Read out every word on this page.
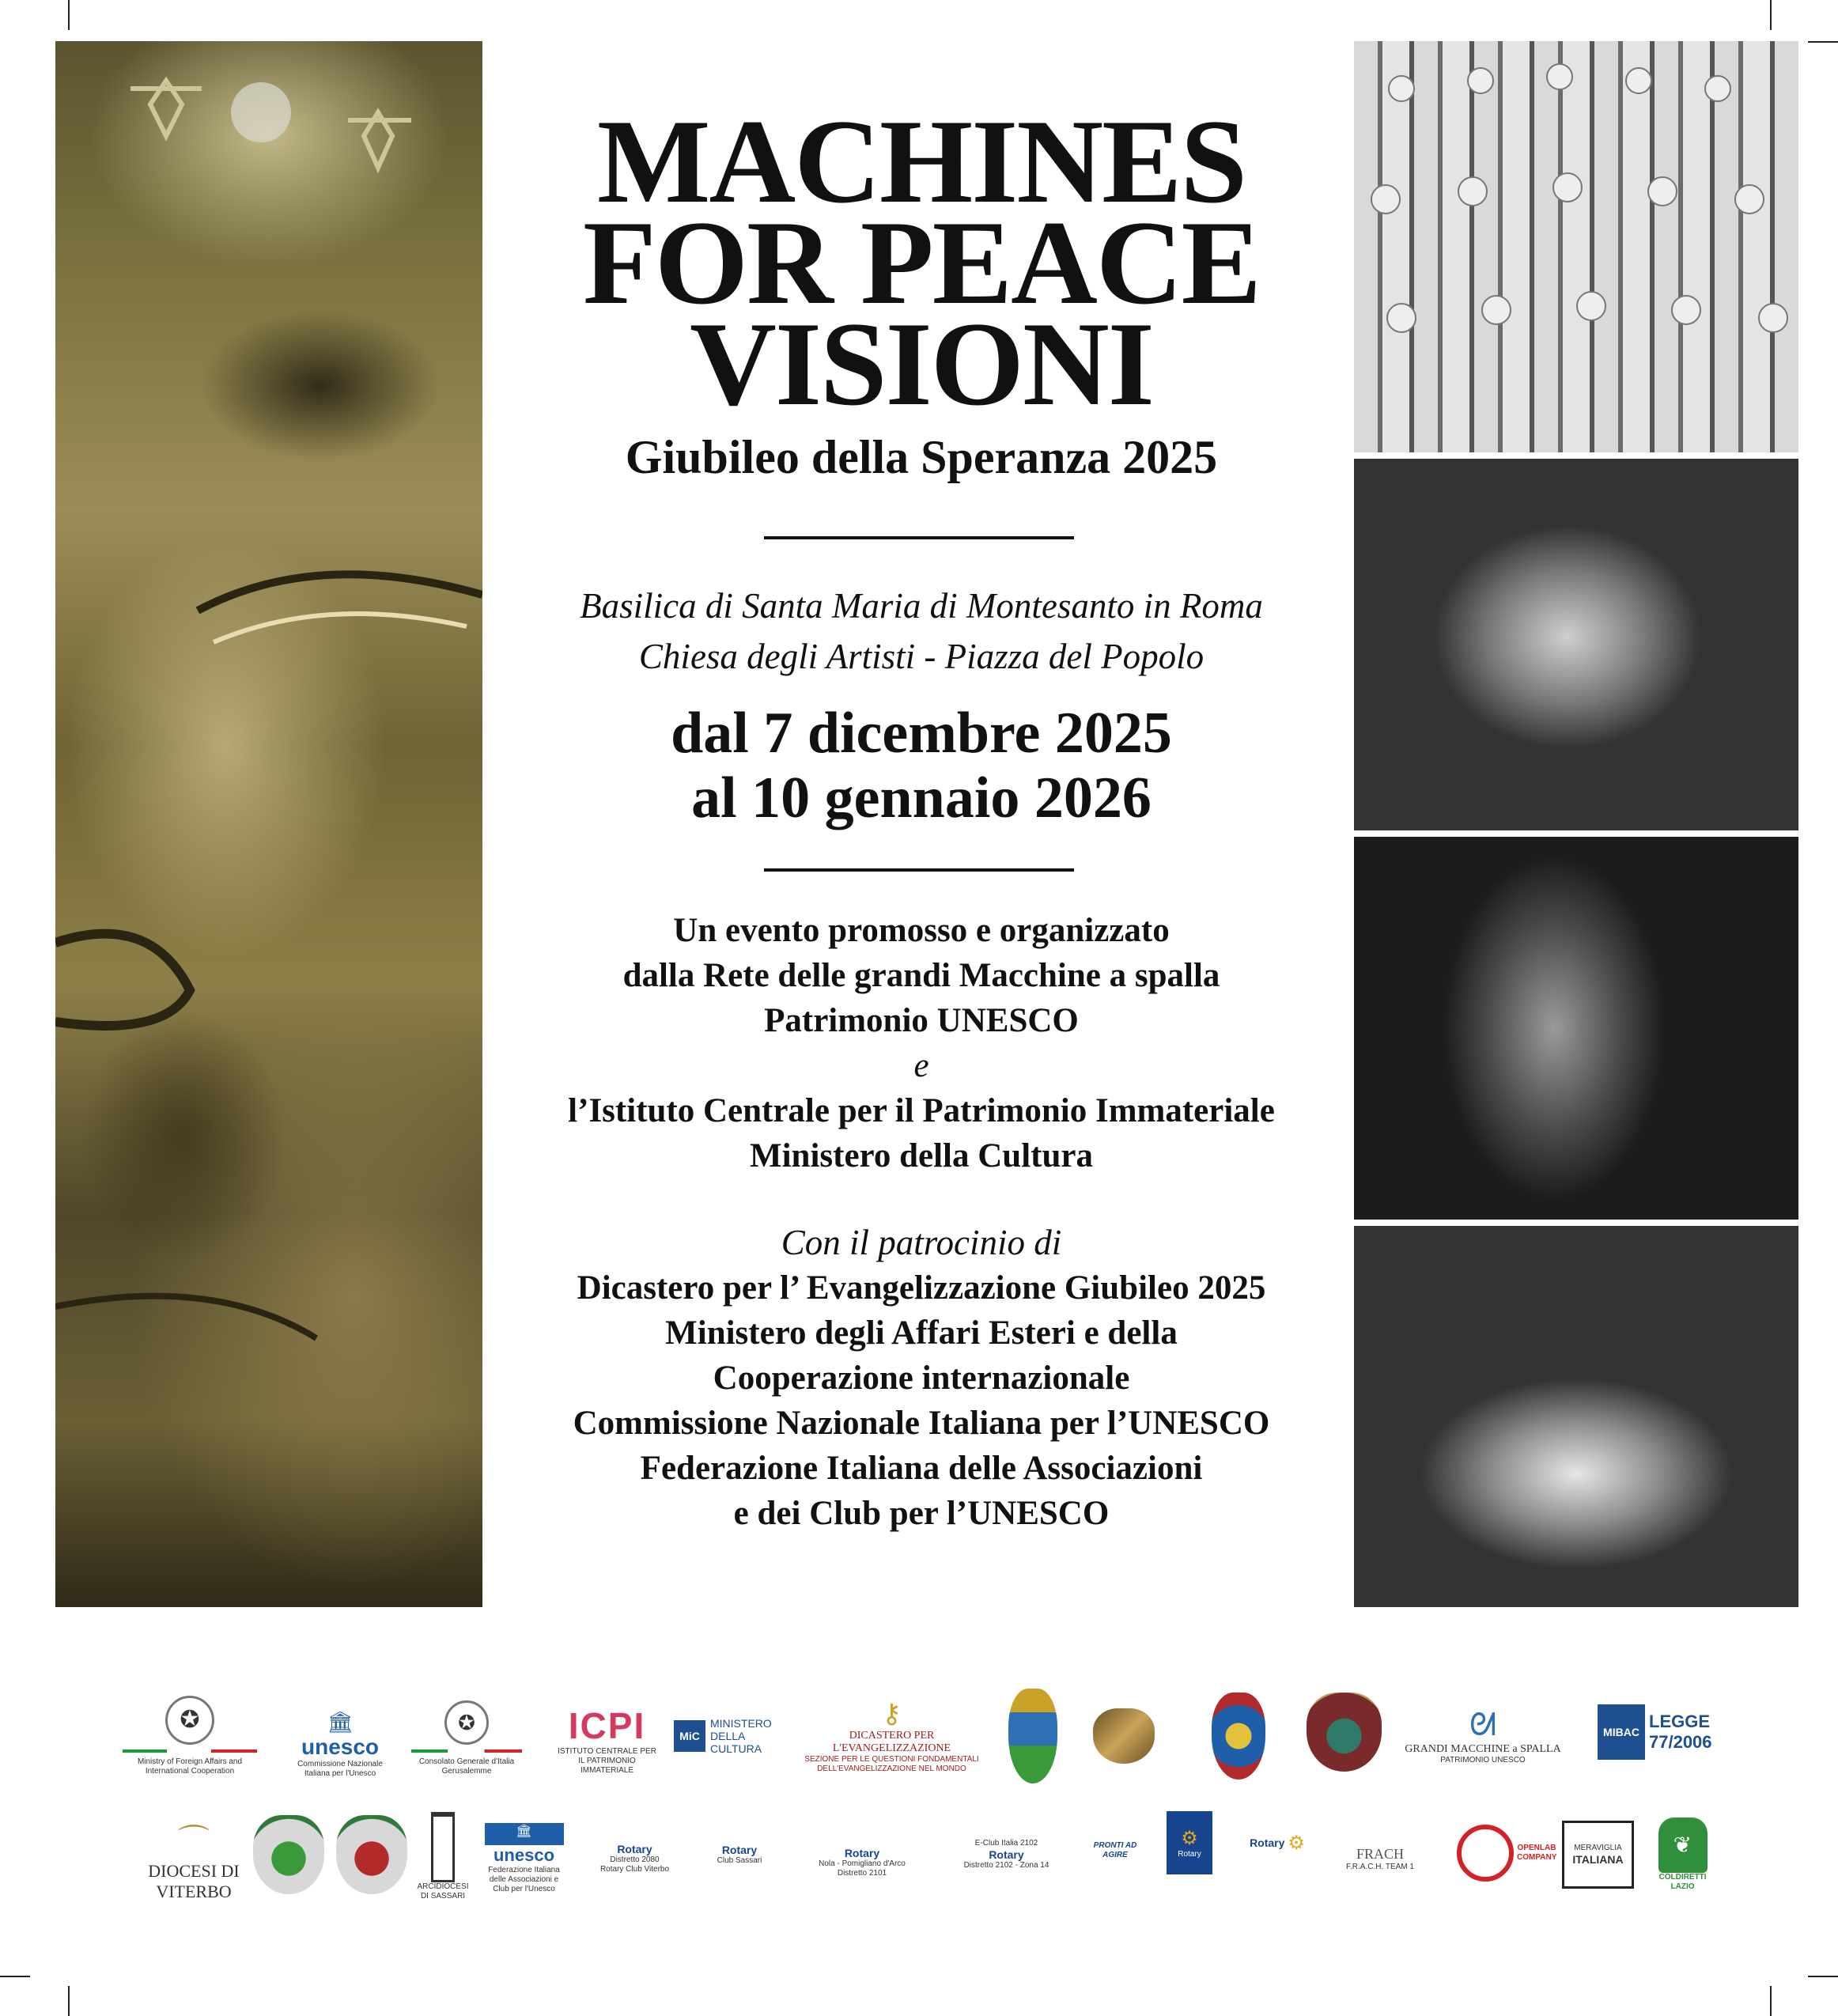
MACHINES
FOR PEACE
VISIONI
Giubileo della Speranza 2025
Basilica di Santa Maria di Montesanto in Roma
Chiesa degli Artisti - Piazza del Popolo
dal 7 dicembre 2025
al 10 gennaio 2026
Un evento promosso e organizzato
dalla Rete delle grandi Macchine a spalla
Patrimonio UNESCO
e
l’Istituto Centrale per il Patrimonio Immateriale
Ministero della Cultura
Con il patrocinio di
Dicastero per l’ Evangelizzazione Giubileo 2025
Ministero degli Affari Esteri e della
Cooperazione internazionale
Commissione Nazionale Italiana per l’UNESCO
Federazione Italiana delle Associazioni
e dei Club per l’UNESCO
✪
Ministry of Foreign Affairs and International Cooperation
🏛
unesco
Commissione Nazionale Italiana per l'Unesco
✪
Consolato Generale d'Italia Gerusalemme
ICPI
ISTITUTO CENTRALE PER IL PATRIMONIO IMMATERIALE
MiC
MINISTERO DELLA CULTURA
⚷
DICASTERO PER L'EVANGELIZZAZIONE
SEZIONE PER LE QUESTIONI FONDAMENTALI DELL'EVANGELIZZAZIONE NEL MONDO
ᘛ
GRANDI MACCHINE a SPALLA
PATRIMONIO UNESCO
MIBAC
LEGGE
77/2006
⌒
DIOCESI DI
VITERBO	ARCIDIOCESI DI SASSARI
🏛
unesco
Federazione Italiana delle Associazioni e Club per l'Unesco
Rotary
Distretto 2080
Rotary Club Viterbo
Rotary
Club Sassari
Rotary
Nola - Pomigliano d'Arco
Distretto 2101
E-Club Italia 2102
Rotary
Distretto 2102 - Zona 14
PRONTI AD AGIRE
⚙
Rotary
Rotary ⚙	FRACH
F.R.A.C.H. TEAM 1
OPENLAB COMPANY
MERAVIGLIA
ITALIANA
❦
COLDIRETTI
LAZIO
